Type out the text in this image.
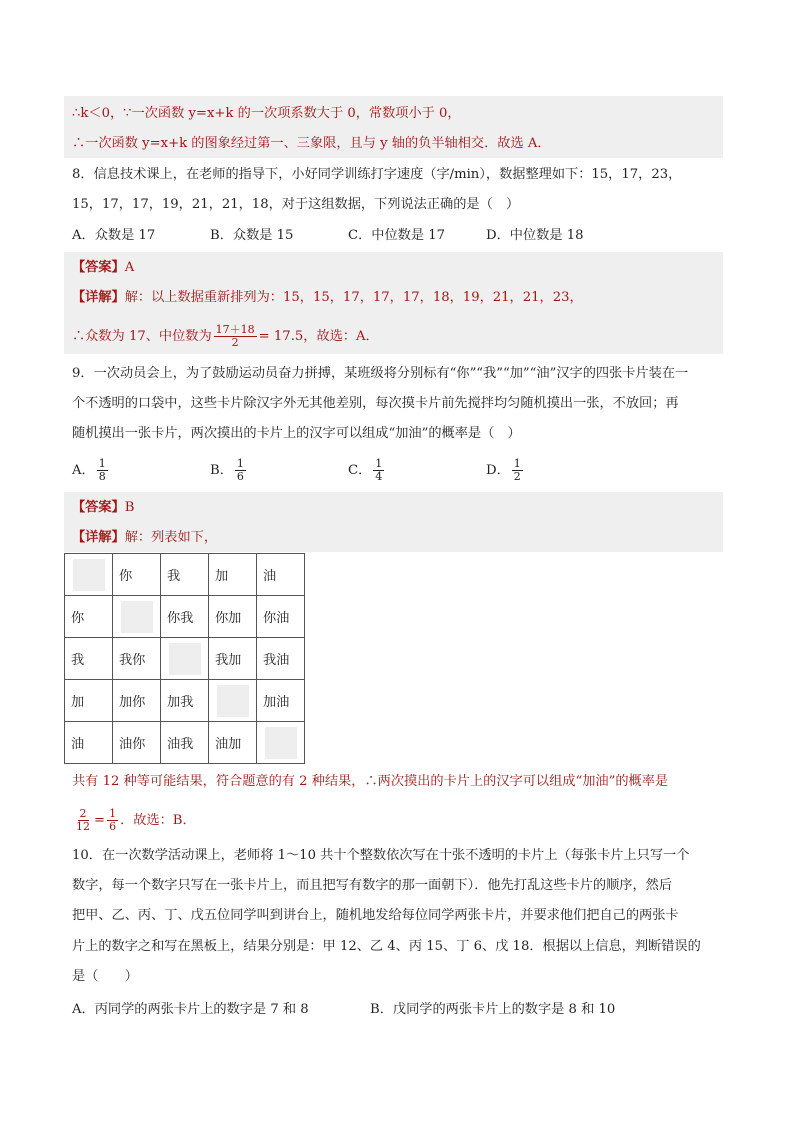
∴k＜0，∵一次函数 y=x+k 的一次项系数大于 0，常数项小于 0，
∴一次函数 y=x+k 的图象经过第一、三象限，且与 y 轴的负半轴相交．故选 A．
8．信息技术课上，在老师的指导下，小好同学训练打字速度（字/min），数据整理如下：15，17，23，
15，17，17，19，21，21，18，对于这组数据，下列说法正确的是（　）
A．众数是 17	B．众数是 15	C．中位数是 17	D．中位数是 18
【答案】A
【详解】解：以上数据重新排列为：15，15，17，17，17，18，19，21，21，23，
∴众数为 17、中位数为 $\frac{17+18}{2} = 17.5$，故选：A．
9．一次动员会上，为了鼓励运动员奋力拼搏，某班级将分别标有“你”“我”“加”“油”汉字的四张卡片装在一
个不透明的口袋中，这些卡片除汉字外无其他差别，每次摸卡片前先搅拌均匀随机摸出一张，不放回；再
随机摸出一张卡片，两次摸出的卡片上的汉字可以组成“加油”的概率是（　）
A． $\frac{1}{8}$	B． $\frac{1}{6}$	C． $\frac{1}{4}$	D． $\frac{1}{2}$
【答案】B
【详解】解：列表如下，
	你	我	加	油
你		你我	你加	你油
我	我你		我加	我油
加	加你	加我		加油
油	油你	油我	油加	
共有 12 种等可能结果，符合题意的有 2 种结果，∴两次摸出的卡片上的汉字可以组成“加油”的概率是
$\frac{2}{12} = \frac{1}{6}$ ．故选：B．
10．在一次数学活动课上，老师将 1～10 共十个整数依次写在十张不透明的卡片上（每张卡片上只写一个
数字，每一个数字只写在一张卡片上，而且把写有数字的那一面朝下）．他先打乱这些卡片的顺序，然后
把甲、乙、丙、丁、戊五位同学叫到讲台上，随机地发给每位同学两张卡片，并要求他们把自己的两张卡
片上的数字之和写在黑板上，结果分别是：甲 12、乙 4、丙 15、丁 6、戊 18．根据以上信息，判断错误的
是（　　）
A．丙同学的两张卡片上的数字是 7 和 8	B．戊同学的两张卡片上的数字是 8 和 10
